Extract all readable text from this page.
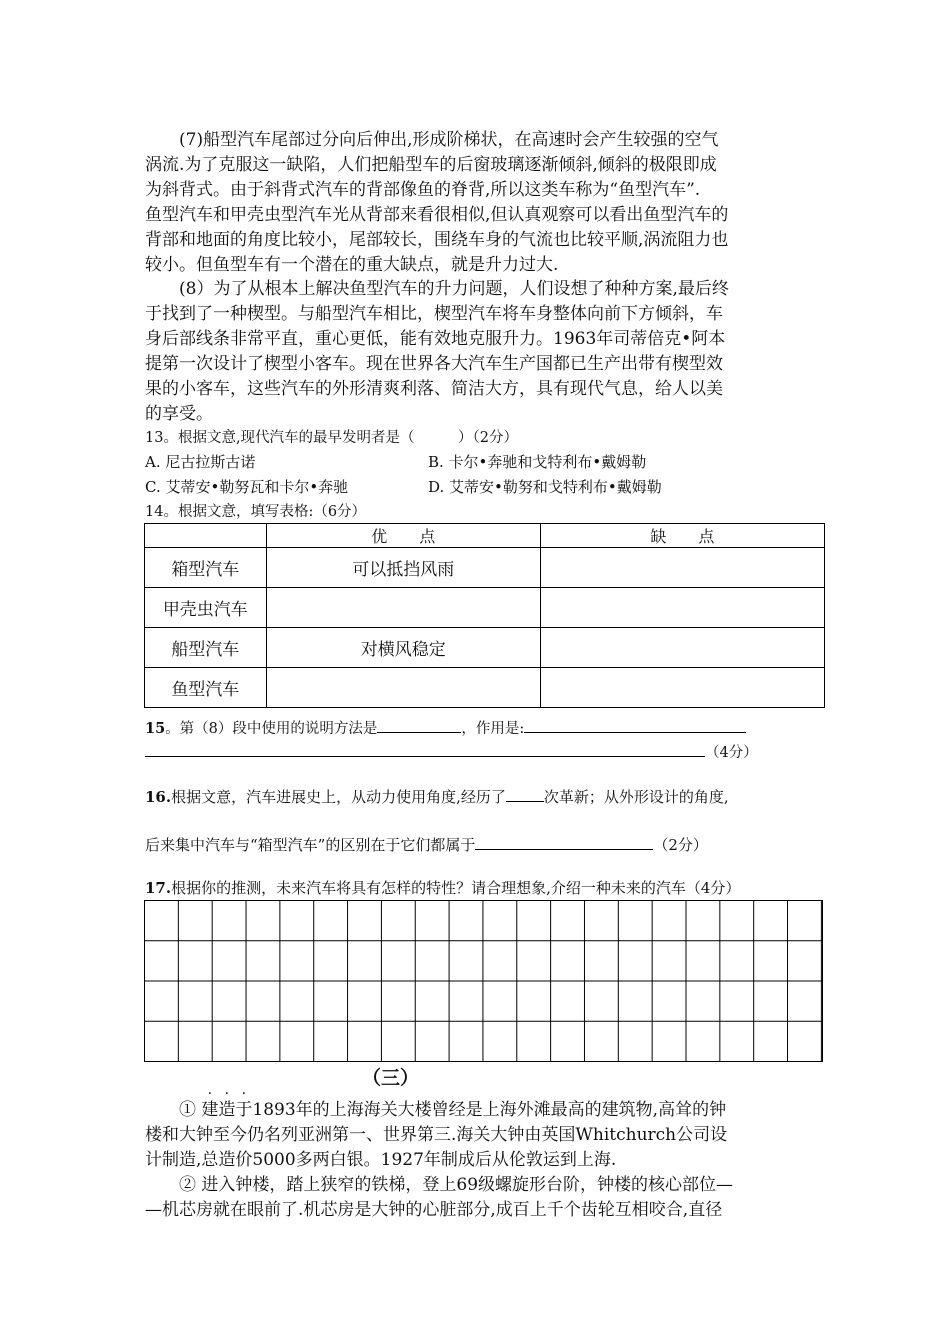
(7)船型汽车尾部过分向后伸出,形成阶梯状，在高速时会产生较强的空气
涡流.为了克服这一缺陷，人们把船型车的后窗玻璃逐渐倾斜,倾斜的极限即成
为斜背式。由于斜背式汽车的背部像鱼的脊背,所以这类车称为“鱼型汽车”.
鱼型汽车和甲壳虫型汽车光从背部来看很相似,但认真观察可以看出鱼型汽车的
背部和地面的角度比较小，尾部较长，围绕车身的气流也比较平顺,涡流阻力也
较小。但鱼型车有一个潜在的重大缺点，就是升力过大.
(8）为了从根本上解决鱼型汽车的升力问题，人们设想了种种方案,最后终
于找到了一种楔型。与船型汽车相比，楔型汽车将车身整体向前下方倾斜，车
身后部线条非常平直，重心更低，能有效地克服升力。1963年司蒂倍克•阿本
提第一次设计了楔型小客车。现在世界各大汽车生产国都已生产出带有楔型效
果的小客车，这些汽车的外形清爽利落、简洁大方，具有现代气息，给人以美
的享受。
13。根据文意,现代汽车的最早发明者是（　　　）（2分）
A. 尼古拉斯古诺	B. 卡尔•奔驰和戈特利布•戴姆勒
C. 艾蒂安•勒努瓦和卡尔•奔驰	D. 艾蒂安•勒努和戈特利布•戴姆勒
14。根据文意，填写表格:（6分）
	优　　点	缺　　点
箱型汽车	可以抵挡风雨	
甲壳虫汽车		
船型汽车	对横风稳定	
鱼型汽车		
15。第（8）段中使用的说明方法是	，作用是:
（4分）
16.根据文意，汽车进展史上，从动力使用角度,经历了	次革新；从外形设计的角度,
后来集中汽车与“箱型汽车”的区别在于它们都属于	（2分）
17.根据你的推测，未来汽车将具有怎样的特性？请合理想象,介绍一种未来的汽车（4分）
（三）
① 建造于1893年的上海海关大楼曾经是上海外滩最高的建筑物,高耸的钟
楼和大钟至今仍名列亚洲第一、世界第三.海关大钟由英国Whitchurch公司设
计制造,总造价5000多两白银。1927年制成后从伦敦运到上海.
② 进入钟楼，踏上狭窄的铁梯，登上69级螺旋形台阶，钟楼的核心部位—
—机芯房就在眼前了.机芯房是大钟的心脏部分,成百上千个齿轮互相咬合,直径
